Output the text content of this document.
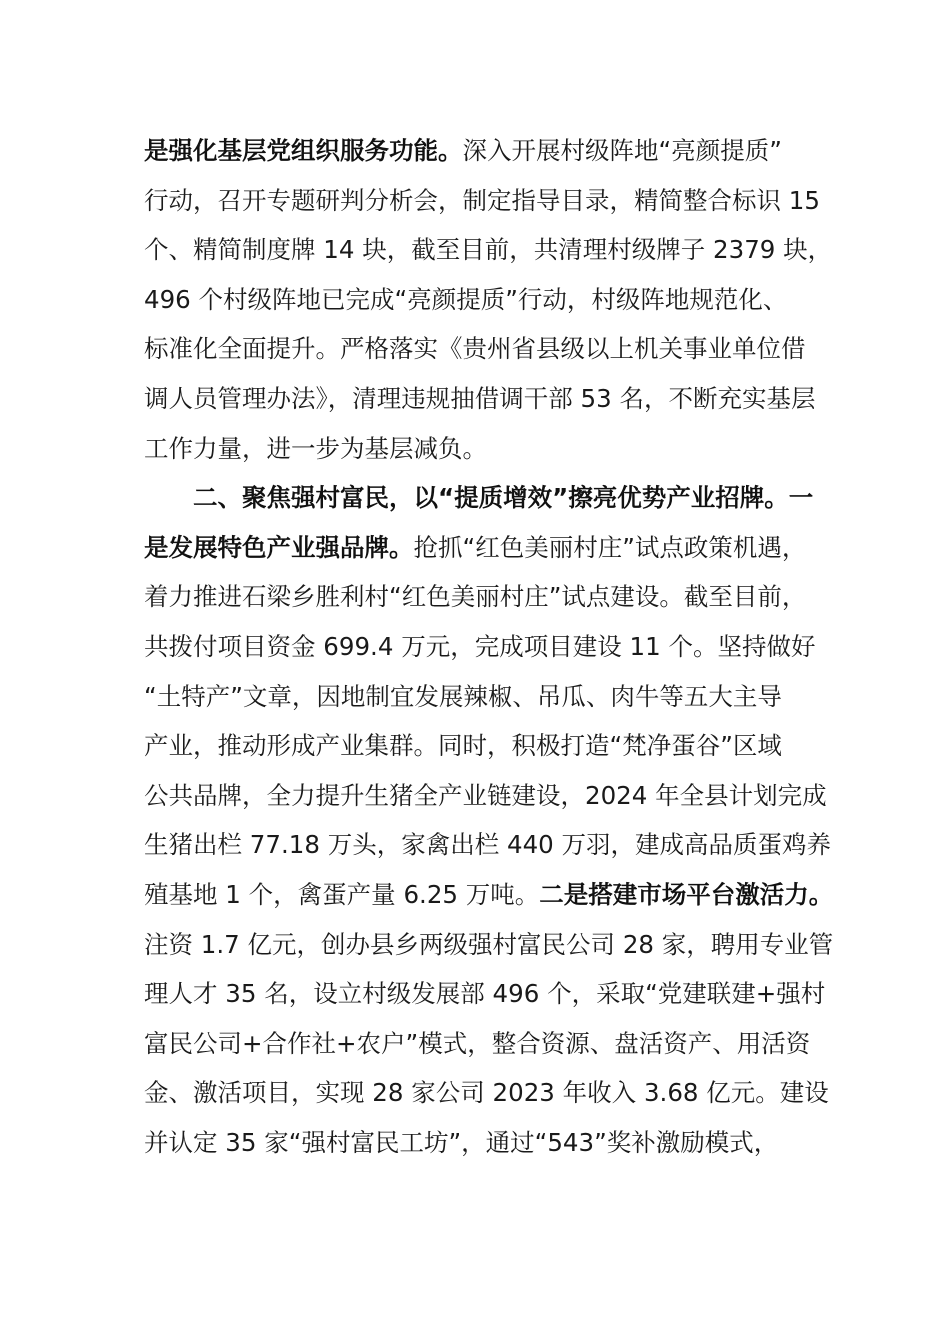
是强化基层党组织服务功能。深入开展村级阵地“亮颜提质”
行动，召开专题研判分析会，制定指导目录，精简整合标识 15
个、精简制度牌 14 块，截至目前，共清理村级牌子 2379 块，
496 个村级阵地已完成“亮颜提质”行动，村级阵地规范化、
标准化全面提升。严格落实《贵州省县级以上机关事业单位借
调人员管理办法》，清理违规抽借调干部 53 名，不断充实基层
工作力量，进一步为基层减负。
二、聚焦强村富民，以“提质增效”擦亮优势产业招牌。一
是发展特色产业强品牌。抢抓“红色美丽村庄”试点政策机遇，
着力推进石梁乡胜利村“红色美丽村庄”试点建设。截至目前，
共拨付项目资金 699.4 万元，完成项目建设 11 个。坚持做好
“土特产”文章，因地制宜发展辣椒、吊瓜、肉牛等五大主导
产业，推动形成产业集群。同时，积极打造“梵净蛋谷”区域
公共品牌，全力提升生猪全产业链建设，2024 年全县计划完成
生猪出栏 77.18 万头，家禽出栏 440 万羽，建成高品质蛋鸡养
殖基地 1 个，禽蛋产量 6.25 万吨。二是搭建市场平台激活力。
注资 1.7 亿元，创办县乡两级强村富民公司 28 家，聘用专业管
理人才 35 名，设立村级发展部 496 个，采取“党建联建+强村
富民公司+合作社+农户”模式，整合资源、盘活资产、用活资
金、激活项目，实现 28 家公司 2023 年收入 3.68 亿元。建设
并认定 35 家“强村富民工坊”，通过“543”奖补激励模式，
